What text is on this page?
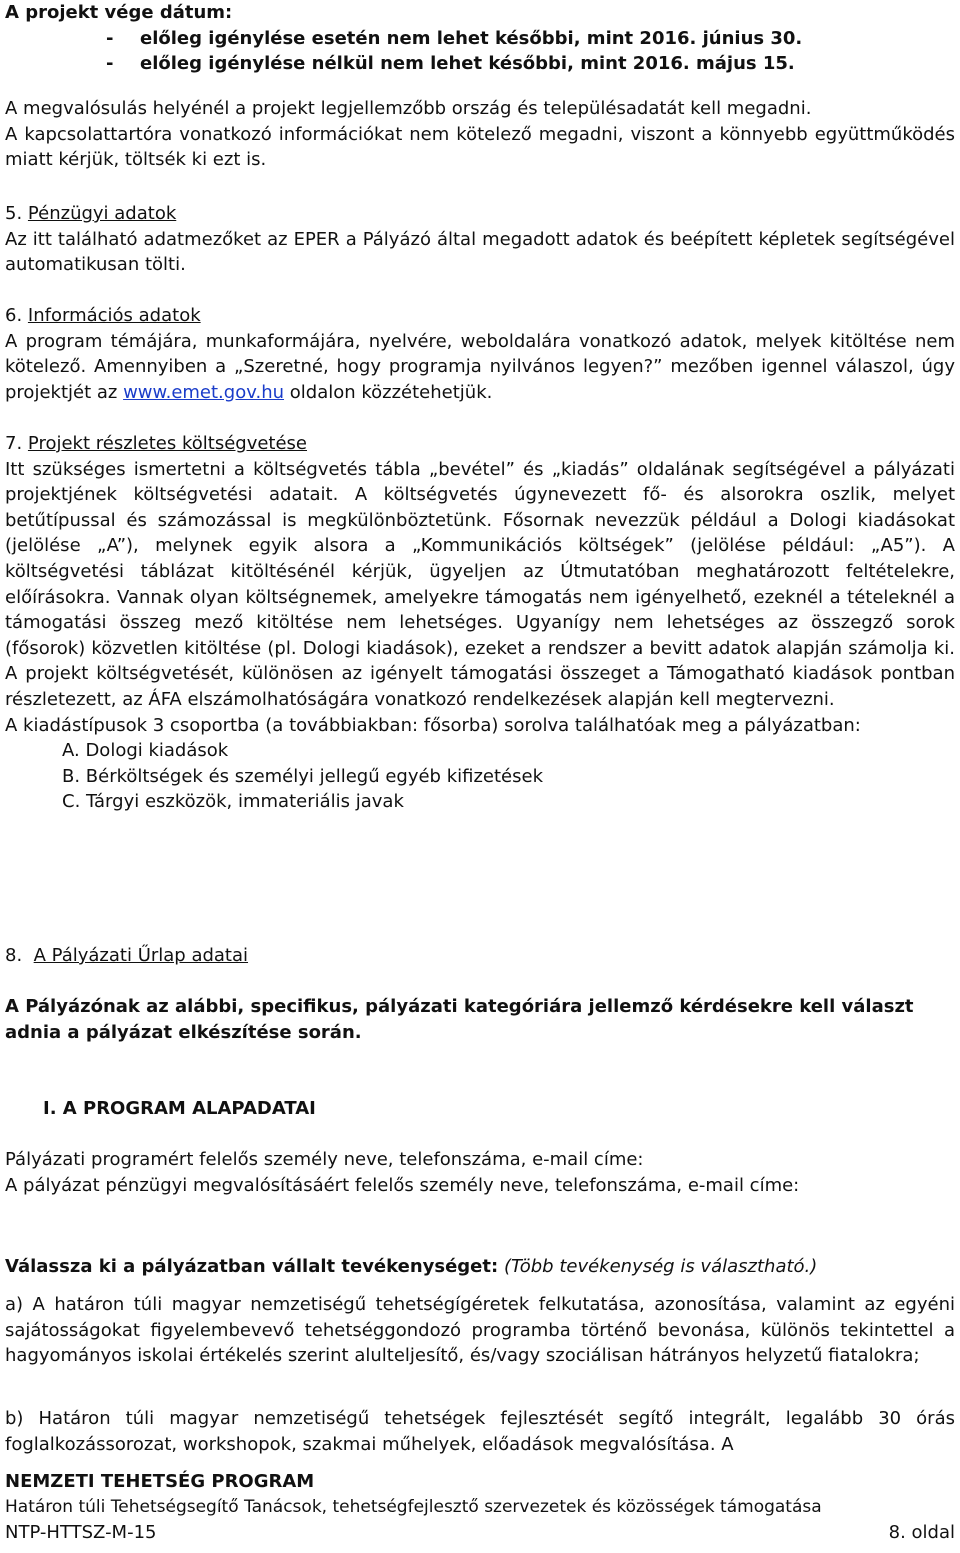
A projekt vége dátum:

- előleg igénylése esetén nem lehet későbbi, mint 2016. június 30.

- előleg igénylése nélkül nem lehet későbbi, mint 2016. május 15.

A megvalósulás helyénél a projekt legjellemzőbb ország és településadatát kell megadni.

A kapcsolattartóra vonatkozó információkat nem kötelező megadni, viszont a könnyebb együttműködés miatt kérjük, töltsék ki ezt is.

5. Pénzügyi adatok

Az itt található adatmezőket az EPER a Pályázó által megadott adatok és beépített képletek segítségével automatikusan tölti.

6. Információs adatok

A program témájára, munkaformájára, nyelvére, weboldalára vonatkozó adatok, melyek kitöltése nem kötelező. Amennyiben a „Szeretné, hogy programja nyilvános legyen?” mezőben igennel válaszol, úgy projektjét az www.emet.gov.hu oldalon közzétehetjük.

7. Projekt részletes költségvetése

Itt szükséges ismertetni a költségvetés tábla „bevétel” és „kiadás” oldalának segítségével a pályázati projektjének költségvetési adatait. A költségvetés úgynevezett fő- és alsorokra oszlik, melyet betűtípussal és számozással is megkülönböztetünk. Fősornak nevezzük például a Dologi kiadásokat (jelölése „A”), melynek egyik alsora a „Kommunikációs költségek” (jelölése például: „A5”). A költségvetési táblázat kitöltésénél kérjük, ügyeljen az Útmutatóban meghatározott feltételekre, előírásokra. Vannak olyan költségnemek, amelyekre támogatás nem igényelhető, ezeknél a tételeknél a támogatási összeg mező kitöltése nem lehetséges. Ugyanígy nem lehetséges az összegző sorok (fősorok) közvetlen kitöltése (pl. Dologi kiadások), ezeket a rendszer a bevitt adatok alapján számolja ki. A projekt költségvetését, különösen az igényelt támogatási összeget a Támogatható kiadások pontban részletezett, az ÁFA elszámolhatóságára vonatkozó rendelkezések alapján kell megtervezni.

A kiadástípusok 3 csoportba (a továbbiakban: fősorba) sorolva találhatóak meg a pályázatban:

A. Dologi kiadások

B. Bérköltségek és személyi jellegű egyéb kifizetések

C. Tárgyi eszközök, immateriális javak

8. A Pályázati Űrlap adatai

A Pályázónak az alábbi, specifikus, pályázati kategóriára jellemző kérdésekre kell választ adnia a pályázat elkészítése során.

I. A PROGRAM ALAPADATAI

Pályázati programért felelős személy neve, telefonszáma, e-mail címe:

A pályázat pénzügyi megvalósításáért felelős személy neve, telefonszáma, e-mail címe:

Válassza ki a pályázatban vállalt tevékenységet: (Több tevékenység is választható.)

a) A határon túli magyar nemzetiségű tehetségígéretek felkutatása, azonosítása, valamint az egyéni sajátosságokat figyelembevevő tehetséggondozó programba történő bevonása, különös tekintettel a hagyományos iskolai értékelés szerint alulteljesítő, és/vagy szociálisan hátrányos helyzetű fiatalokra;

b) Határon túli magyar nemzetiségű tehetségek fejlesztését segítő integrált, legalább 30 órás foglalkozássorozat, workshopok, szakmai műhelyek, előadások megvalósítása. A

NEMZETI TEHETSÉG PROGRAM

Határon túli Tehetségsegítő Tanácsok, tehetségfejlesztő szervezetek és közösségek támogatása

NTP-HTTSZ-M-15	8. oldal
